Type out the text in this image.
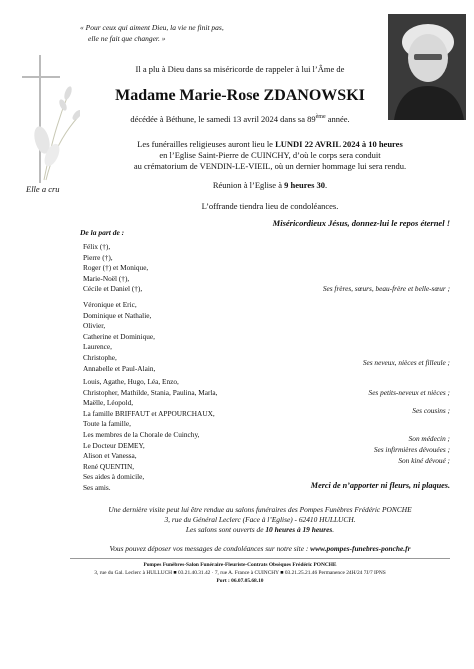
« Pour ceux qui aiment Dieu, la vie ne finit pas,
elle ne fait que changer. »
Elle a cru
Il a plu à Dieu dans sa miséricorde de rappeler à lui l’Âme de
Madame Marie-Rose ZDANOWSKI
décédée à Béthune, le samedi 13 avril 2024 dans sa 89ème année.
Les funérailles religieuses auront lieu le LUNDI 22 AVRIL 2024 à 10 heures
en l’Eglise Saint-Pierre de CUINCHY, d’où le corps sera conduit
au crématorium de VENDIN-LE-VIEIL, où un dernier hommage lui sera rendu.
Réunion à l’Eglise à 9 heures 30.
L’offrande tiendra lieu de condoléances.
Miséricordieux Jésus, donnez-lui le repos éternel !
De la part de :
Félix (†),
Pierre (†),
Roger (†) et Monique,
Marie-Noël (†),
Cécile et Daniel (†),	Ses frères, sœurs, beau-frère et belle-sœur ;
Véronique et Eric,
Dominique et Nathalie,
Olivier,
Catherine et Dominique,
Laurence,
Christophe,
Annabelle et Paul-Alain,
Ses neveux, nièces et filleule ;
Louis, Agathe, Hugo, Léa, Enzo,
Christopher, Mathilde, Stania, Paulina, Marla,
Maëlle, Léopold,
La famille BRIFFAUT et APPOURCHAUX,
Toute la famille,
Les membres de la Chorale de Cuinchy,
Le Docteur DEMEY,
Alison et Vanessa,
René QUENTIN,
Ses aides à domicile,
Ses amis.
Ses petits-neveux et nièces ;
Ses cousins ;
Son médecin ;
Ses infirmières dévouées ;
Son kiné dévoué ;
Merci de n’apporter ni fleurs, ni plaques.
Une dernière visite peut lui être rendue au salons funéraires des Pompes Funèbres Frédéric PONCHE
3, rue du Général Leclerc (Face à l’Eglise) - 62410 HULLUCH.
Les salons sont ouverts de 10 heures à 19 heures.
Vous pouvez déposer vos messages de condoléances sur notre site : www.pompes-funebres-ponche.fr
Pompes Funèbres-Salon Funéraire-Fleuriste-Contrats Obsèques Frédéric PONCHE
3, rue du Gal. Leclerc à HULLUCH ■ 03.21.40.31.42 · 7, rue A. France à CUINCHY ■ 03.21.25.21.46 Permanence 24H/24 7J/7 IPNS
Port : 06.07.05.68.10
